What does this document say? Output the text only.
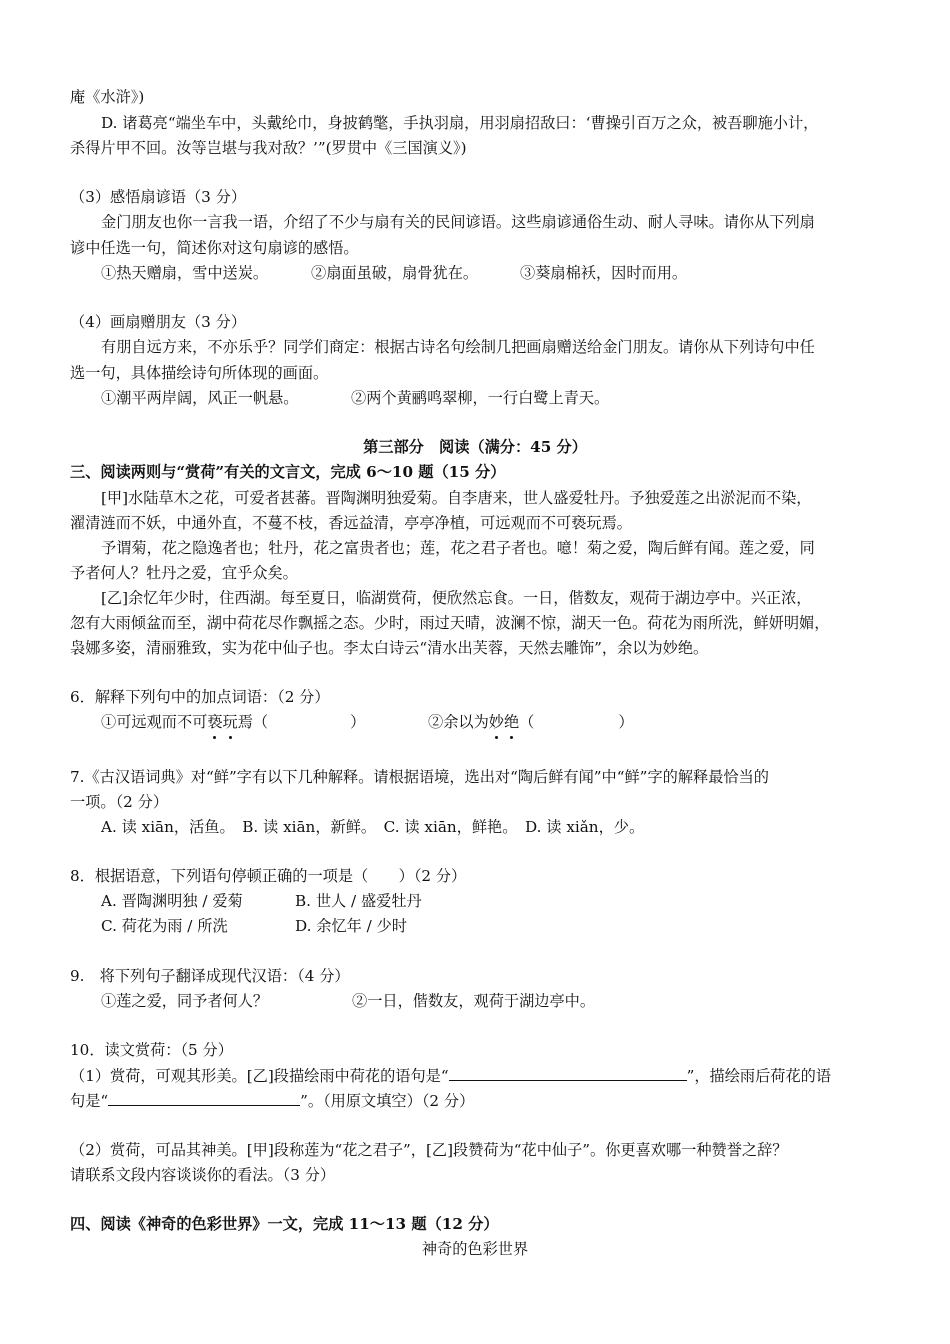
庵《水浒》)
D. 诸葛亮“端坐车中，头戴纶巾，身披鹤氅，手执羽扇，用羽扇招敌曰：‘曹操引百万之众，被吾聊施小计，
杀得片甲不回。汝等岂堪与我对敌？’”(罗贯中《三国演义》)
（3）感悟扇谚语（3 分）
金门朋友也你一言我一语，介绍了不少与扇有关的民间谚语。这些扇谚通俗生动、耐人寻味。请你从下列扇
谚中任选一句，简述你对这句扇谚的感悟。
①热天赠扇，雪中送炭。	②扇面虽破，扇骨犹在。	③葵扇棉袄，因时而用。
（4）画扇赠朋友（3 分）
有朋自远方来，不亦乐乎？同学们商定：根据古诗名句绘制几把画扇赠送给金门朋友。请你从下列诗句中任
选一句，具体描绘诗句所体现的画面。
①潮平两岸阔，风正一帆悬。	②两个黄鹂鸣翠柳，一行白鹭上青天。
第三部分　阅读（满分：45 分）
三、阅读两则与“赏荷”有关的文言文，完成 6～10 题（15 分）
[甲]水陆草木之花，可爱者甚蕃。晋陶渊明独爱菊。自李唐来，世人盛爱牡丹。予独爱莲之出淤泥而不染，
濯清涟而不妖，中通外直，不蔓不枝，香远益清，亭亭净植，可远观而不可亵玩焉。
予谓菊，花之隐逸者也；牡丹，花之富贵者也；莲，花之君子者也。噫！菊之爱，陶后鲜有闻。莲之爱，同
予者何人？牡丹之爱，宜乎众矣。
[乙]余忆年少时，住西湖。每至夏日，临湖赏荷，便欣然忘食。一日，偕数友，观荷于湖边亭中。兴正浓，
忽有大雨倾盆而至，湖中荷花尽作飘摇之态。少时，雨过天晴，波澜不惊，湖天一色。荷花为雨所洗，鲜妍明媚，
袅娜多姿，清丽雅致，实为花中仙子也。李太白诗云“清水出芙蓉，天然去雕饰”，余以为妙绝。
6．解释下列句中的加点词语：（2 分）
①可远观而不可亵玩焉（	）	②余以为妙绝（	）
7.《古汉语词典》对“鲜”字有以下几种解释。请根据语境，选出对“陶后鲜有闻”中“鲜”字的解释最恰当的
一项。（2 分）
A. 读 xiān，活鱼。　B. 读 xiān，新鲜。　C. 读 xiān，鲜艳。　D. 读 xiǎn，少。
8．根据语意，下列语句停顿正确的一项是（　　）（2 分）
A. 晋陶渊明独 / 爱菊	B. 世人 / 盛爱牡丹
C. 荷花为雨 / 所洗	D. 余忆年 / 少时
9.　将下列句子翻译成现代汉语：（4 分）
①莲之爱，同予者何人？	②一日，偕数友，观荷于湖边亭中。
10．读文赏荷：（5 分）
（1）赏荷，可观其形美。[乙]段描绘雨中荷花的语句是“	”，描绘雨后荷花的语
句是“	”。（用原文填空）（2 分）
（2）赏荷，可品其神美。[甲]段称莲为“花之君子”，[乙]段赞荷为“花中仙子”。你更喜欢哪一种赞誉之辞？
请联系文段内容谈谈你的看法。（3 分）
四、阅读《神奇的色彩世界》一文，完成 11～13 题（12 分）
神奇的色彩世界
